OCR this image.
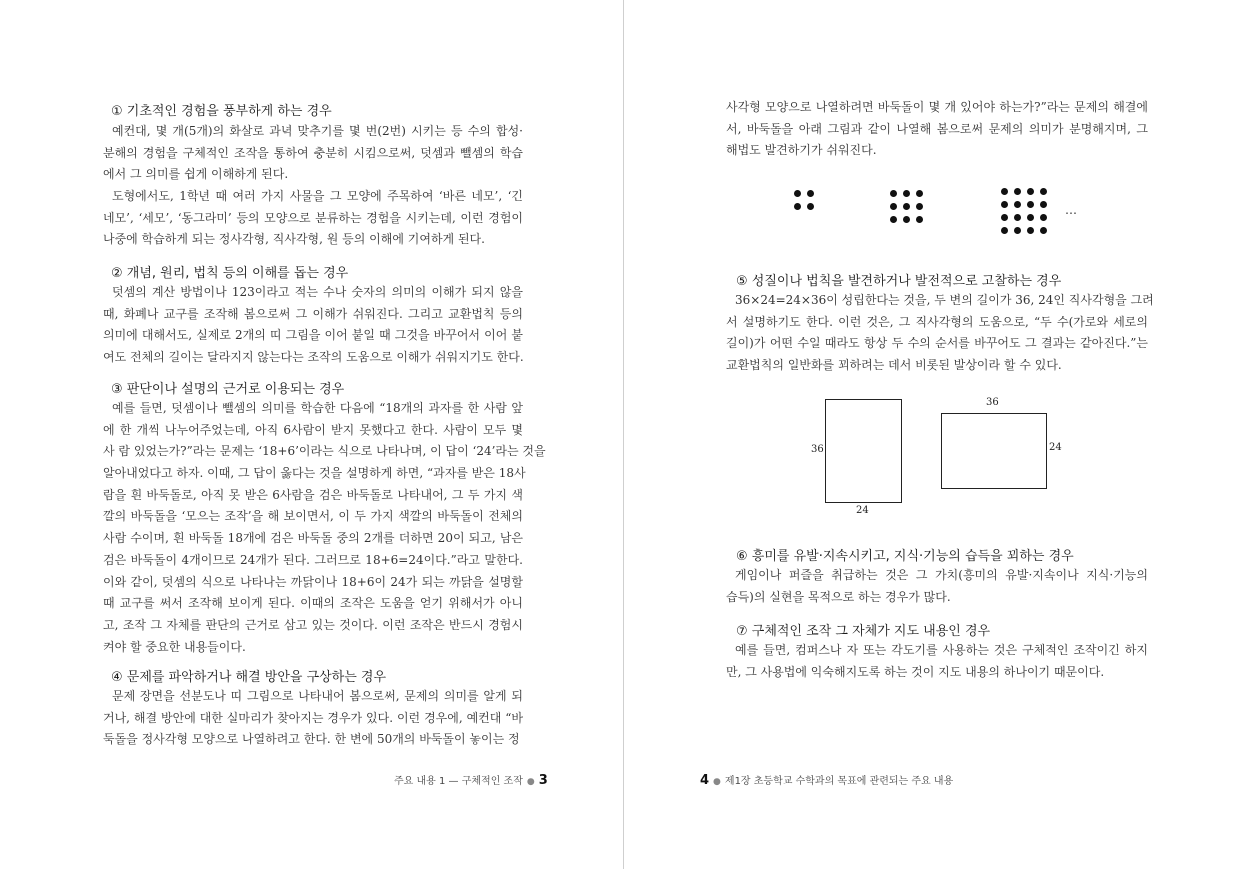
① 기초적인 경험을 풍부하게 하는 경우
예컨대, 몇 개(5개)의 화살로 과녁 맞추기를 몇 번(2번) 시키는 등 수의 합성·
분해의 경험을 구체적인 조작을 통하여 충분히 시킴으로써, 덧셈과 뺄셈의 학습
에서 그 의미를 쉽게 이해하게 된다.
도형에서도, 1학년 때 여러 가지 사물을 그 모양에 주목하여 ‘바른 네모’, ‘긴
네모’, ‘세모’, ‘동그라미’ 등의 모양으로 분류하는 경험을 시키는데, 이런 경험이
나중에 학습하게 되는 정사각형, 직사각형, 원 등의 이해에 기여하게 된다.
② 개념, 원리, 법칙 등의 이해를 돕는 경우
덧셈의 계산 방법이나 123이라고 적는 수나 숫자의 의미의 이해가 되지 않을
때, 화폐나 교구를 조작해 봄으로써 그 이해가 쉬워진다. 그리고 교환법칙 등의
의미에 대해서도, 실제로 2개의 띠 그림을 이어 붙일 때 그것을 바꾸어서 이어 붙
여도 전체의 길이는 달라지지 않는다는 조작의 도움으로 이해가 쉬워지기도 한다.
③ 판단이나 설명의 근거로 이용되는 경우
예를 들면, 덧셈이나 뺄셈의 의미를 학습한 다음에 “18개의 과자를 한 사람 앞
에 한 개씩 나누어주었는데, 아직 6사람이 받지 못했다고 한다. 사람이 모두 몇
사 람 있었는가?”라는 문제는 ‘18+6’이라는 식으로 나타나며, 이 답이 ‘24’라는 것을
알아내었다고 하자. 이때, 그 답이 옳다는 것을 설명하게 하면, “과자를 받은 18사
람을 흰 바둑돌로, 아직 못 받은 6사람을 검은 바둑돌로 나타내어, 그 두 가지 색
깔의 바둑돌을 ‘모으는 조작’을 해 보이면서, 이 두 가지 색깔의 바둑돌이 전체의
사람 수이며, 흰 바둑돌 18개에 검은 바둑돌 중의 2개를 더하면 20이 되고, 남은
검은 바둑돌이 4개이므로 24개가 된다. 그러므로 18+6=24이다.”라고 말한다.
이와 같이, 덧셈의 식으로 나타나는 까닭이나 18+6이 24가 되는 까닭을 설명할
때 교구를 써서 조작해 보이게 된다. 이때의 조작은 도움을 얻기 위해서가 아니
고, 조작 그 자체를 판단의 근거로 삼고 있는 것이다. 이런 조작은 반드시 경험시
켜야 할 중요한 내용들이다.
④ 문제를 파악하거나 해결 방안을 구상하는 경우
문제 장면을 선분도나 띠 그림으로 나타내어 봄으로써, 문제의 의미를 알게 되
거나, 해결 방안에 대한 실마리가 찾아지는 경우가 있다. 이런 경우에, 예컨대 “바
둑돌을 정사각형 모양으로 나열하려고 한다. 한 변에 50개의 바둑돌이 놓이는 정
주요 내용 1 — 구체적인 조작 ● 3
사각형 모양으로 나열하려면 바둑돌이 몇 개 있어야 하는가?”라는 문제의 해결에
서, 바둑돌을 아래 그림과 같이 나열해 봄으로써 문제의 의미가 분명해지며, 그
해법도 발견하기가 쉬워진다.
…
⑤ 성질이나 법칙을 발견하거나 발전적으로 고찰하는 경우
36×24=24×36이 성립한다는 것을, 두 변의 길이가 36, 24인 직사각형을 그려
서 설명하기도 한다. 이런 것은, 그 직사각형의 도움으로, “두 수(가로와 세로의
길이)가 어떤 수일 때라도 항상 두 수의 순서를 바꾸어도 그 결과는 같아진다.”는
교환법칙의 일반화를 꾀하려는 데서 비롯된 발상이라 할 수 있다.
36
24
36
24
⑥ 흥미를 유발·지속시키고, 지식·기능의 습득을 꾀하는 경우
게임이나 퍼즐을 취급하는 것은 그 가치(흥미의 유발·지속이나 지식·기능의
습득)의 실현을 목적으로 하는 경우가 많다.
⑦ 구체적인 조작 그 자체가 지도 내용인 경우
예를 들면, 컴퍼스나 자 또는 각도기를 사용하는 것은 구체적인 조작이긴 하지
만, 그 사용법에 익숙해지도록 하는 것이 지도 내용의 하나이기 때문이다.
4 ● 제1장 초등학교 수학과의 목표에 관련되는 주요 내용
